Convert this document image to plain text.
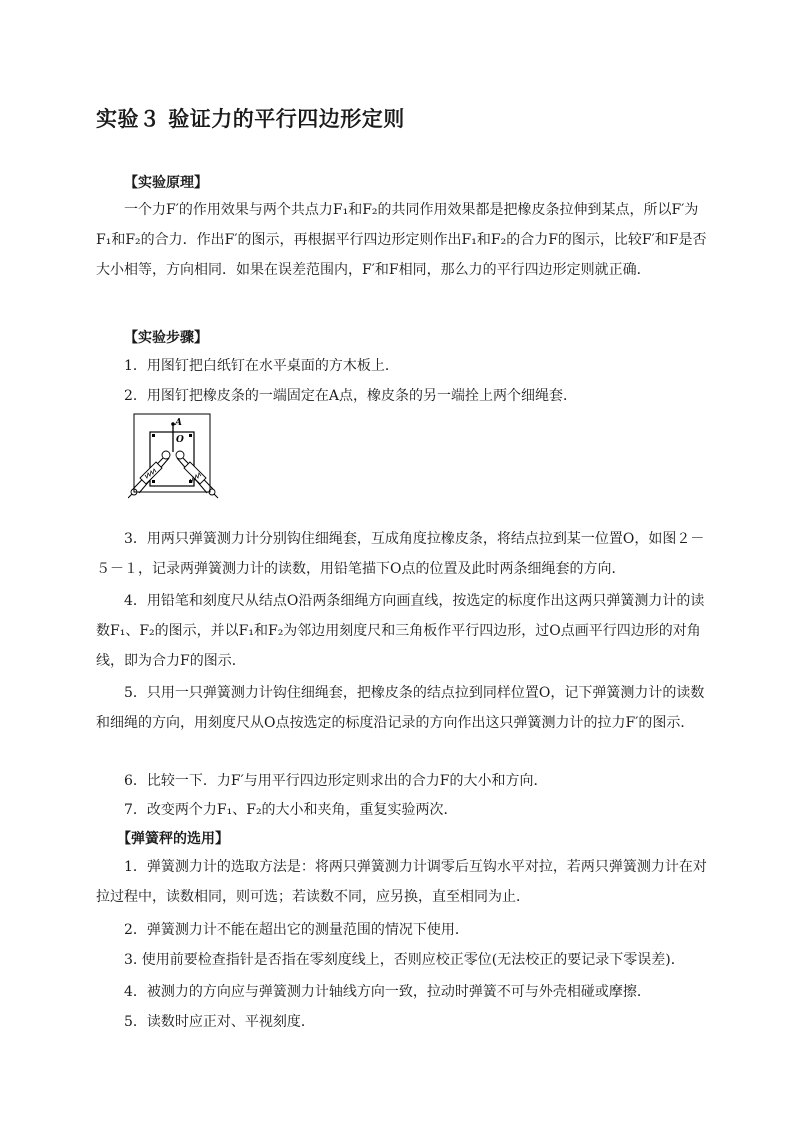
实验３ 验证力的平行四边形定则
【实验原理】

一个力F′的作用效果与两个共点力F₁和F₂的共同作用效果都是把橡皮条拉伸到某点，所以F′为F₁和F₂的合力．作出F′的图示，再根据平行四边形定则作出F₁和F₂的合力F的图示，比较F′和F是否大小相等，方向相同．如果在误差范围内，F′和F相同，那么力的平行四边形定则就正确．

【实验步骤】
1．用图钉把白纸钉在水平桌面的方木板上．
2．用图钉把橡皮条的一端固定在A点，橡皮条的另一端拴上两个细绳套．
A
O

3．用两只弹簧测力计分别钩住细绳套，互成角度拉橡皮条，将结点拉到某一位置O，如图２－５－１，记录两弹簧测力计的读数，用铅笔描下O点的位置及此时两条细绳套的方向．

4．用铅笔和刻度尺从结点O沿两条细绳方向画直线，按选定的标度作出这两只弹簧测力计的读数F₁、F₂的图示，并以F₁和F₂为邻边用刻度尺和三角板作平行四边形，过O点画平行四边形的对角线，即为合力F的图示．

5．只用一只弹簧测力计钩住细绳套，把橡皮条的结点拉到同样位置O，记下弹簧测力计的读数和细绳的方向，用刻度尺从O点按选定的标度沿记录的方向作出这只弹簧测力计的拉力F′的图示．

6．比较一下．力F′与用平行四边形定则求出的合力F的大小和方向．
7．改变两个力F₁、F₂的大小和夹角，重复实验两次．
【弹簧秤的选用】

1．弹簧测力计的选取方法是：将两只弹簧测力计调零后互钩水平对拉，若两只弹簧测力计在对拉过程中，读数相同，则可选；若读数不同，应另换，直至相同为止．

2．弹簧测力计不能在超出它的测量范围的情况下使用．
3. 使用前要检查指针是否指在零刻度线上，否则应校正零位(无法校正的要记录下零误差)．
4．被测力的方向应与弹簧测力计轴线方向一致，拉动时弹簧不可与外壳相碰或摩擦．
5．读数时应正对、平视刻度．
